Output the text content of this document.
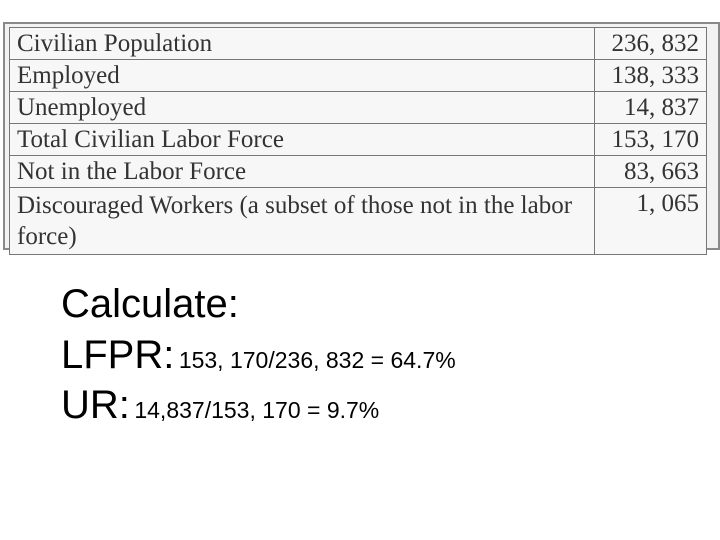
Civilian Population	236, 832
Employed	138, 333
Unemployed	14, 837
Total Civilian Labor Force	153, 170
Not in the Labor Force	83, 663
Discouraged Workers (a subset of those not in the labor force)	1, 065
Calculate:
LFPR: 153, 170/236, 832 = 64.7%
UR: 14,837/153, 170 = 9.7%
